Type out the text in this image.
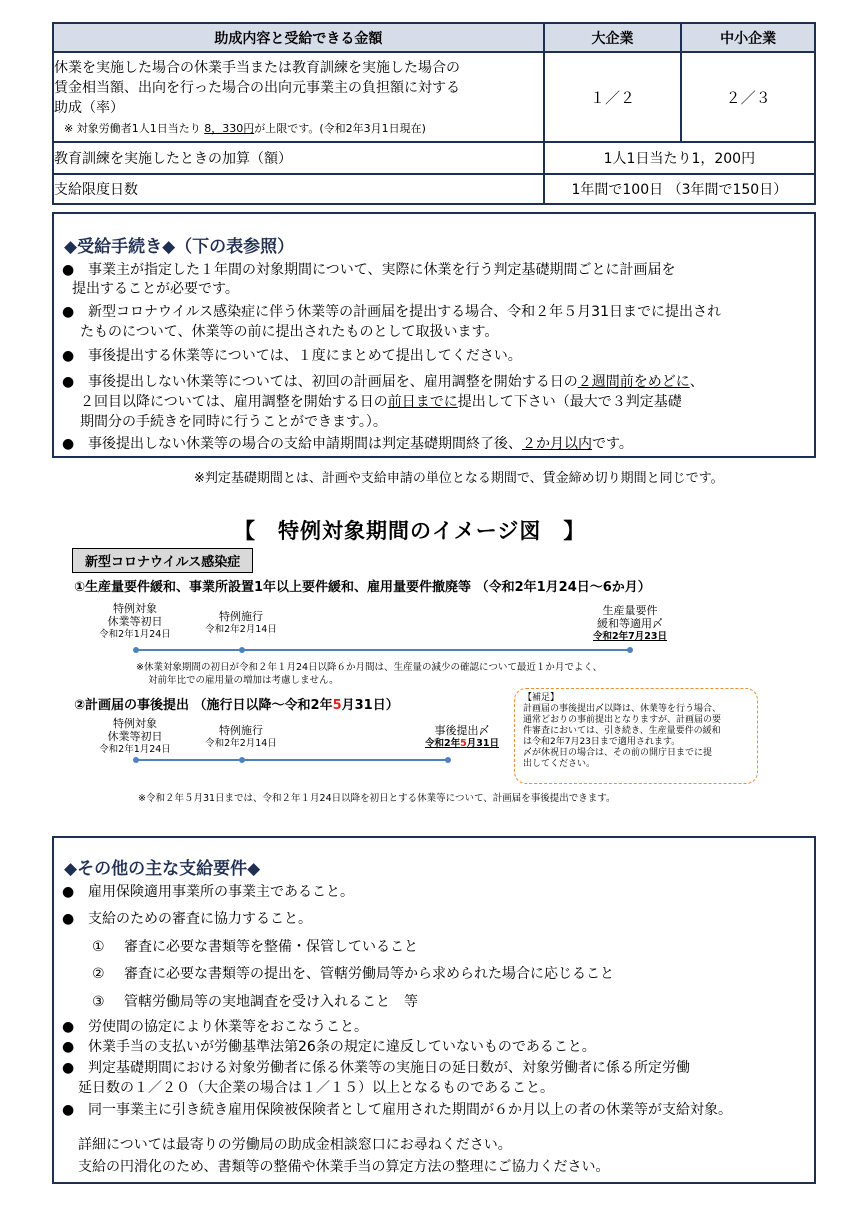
助成内容と受給できる金額	大企業	中小企業

休業を実施した場合の休業手当または教育訓練を実施した場合の
賃金相当額、出向を行った場合の出向元事業主の負担額に対する
助成（率）
※ 対象労働者1人1日当たり 8，330円が上限です。(令和2年3月1日現在)	１／２	２／３
教育訓練を実施したときの加算（額）	1人1日当たり1，200円	
支給限度日数	1年間で100日 （3年間で150日）	
◆受給手続き◆（下の表参照）
● 事業主が指定した１年間の対象期間について、実際に休業を行う判定基礎期間ごとに計画届を
提出することが必要です。
● 新型コロナウイルス感染症に伴う休業等の計画届を提出する場合、令和２年５月31日までに提出され
たものについて、休業等の前に提出されたものとして取扱います。
● 事後提出する休業等については、１度にまとめて提出してください。
● 事後提出しない休業等については、初回の計画届を、雇用調整を開始する日の２週間前をめどに、
２回目以降については、雇用調整を開始する日の前日までに提出して下さい（最大で３判定基礎
期間分の手続きを同時に行うことができます。）。
● 事後提出しない休業等の場合の支給申請期間は判定基礎期間終了後、２か月以内です。
※判定基礎期間とは、計画や支給申請の単位となる期間で、賃金締め切り期間と同じです。
【　特例対象期間のイメージ図　】
新型コロナウイルス感染症
①生産量要件緩和、事業所設置1年以上要件緩和、雇用量要件撤廃等 （令和2年1月24日～6か月）
特例対象
休業等初日
令和2年1月24日
特例施行
令和2年2月14日
生産量要件
緩和等適用〆
令和2年7月23日
※休業対象期間の初日が令和２年１月24日以降６か月間は、生産量の減少の確認について最近１か月でよく、
対前年比での雇用量の増加は考慮しません。
②計画届の事後提出 （施行日以降～令和2年5月31日）
特例対象
休業等初日
令和2年1月24日
特例施行
令和2年2月14日
事後提出〆
令和2年5月31日
【補足】
計画届の事後提出〆以降は、休業等を行う場合、
通常どおりの事前提出となりますが、計画届の要
件審査においては、引き続き、生産量要件の緩和
は令和2年7月23日まで適用されます。
〆が休祝日の場合は、その前の開庁日までに提
出してください。
※令和２年５月31日までは、令和２年１月24日以降を初日とする休業等について、計画届を事後提出できます。
◆その他の主な支給要件◆
● 雇用保険適用事業所の事業主であること。
● 支給のための審査に協力すること。
① 審査に必要な書類等を整備・保管していること
② 審査に必要な書類等の提出を、管轄労働局等から求められた場合に応じること
③ 管轄労働局等の実地調査を受け入れること　等
● 労使間の協定により休業等をおこなうこと。
● 休業手当の支払いが労働基準法第26条の規定に違反していないものであること。
● 判定基礎期間における対象労働者に係る休業等の実施日の延日数が、対象労働者に係る所定労働
延日数の１／２０（大企業の場合は１／１５）以上となるものであること。
● 同一事業主に引き続き雇用保険被保険者として雇用された期間が６か月以上の者の休業等が支給対象。
詳細については最寄りの労働局の助成金相談窓口にお尋ねください。
支給の円滑化のため、書類等の整備や休業手当の算定方法の整理にご協力ください。
